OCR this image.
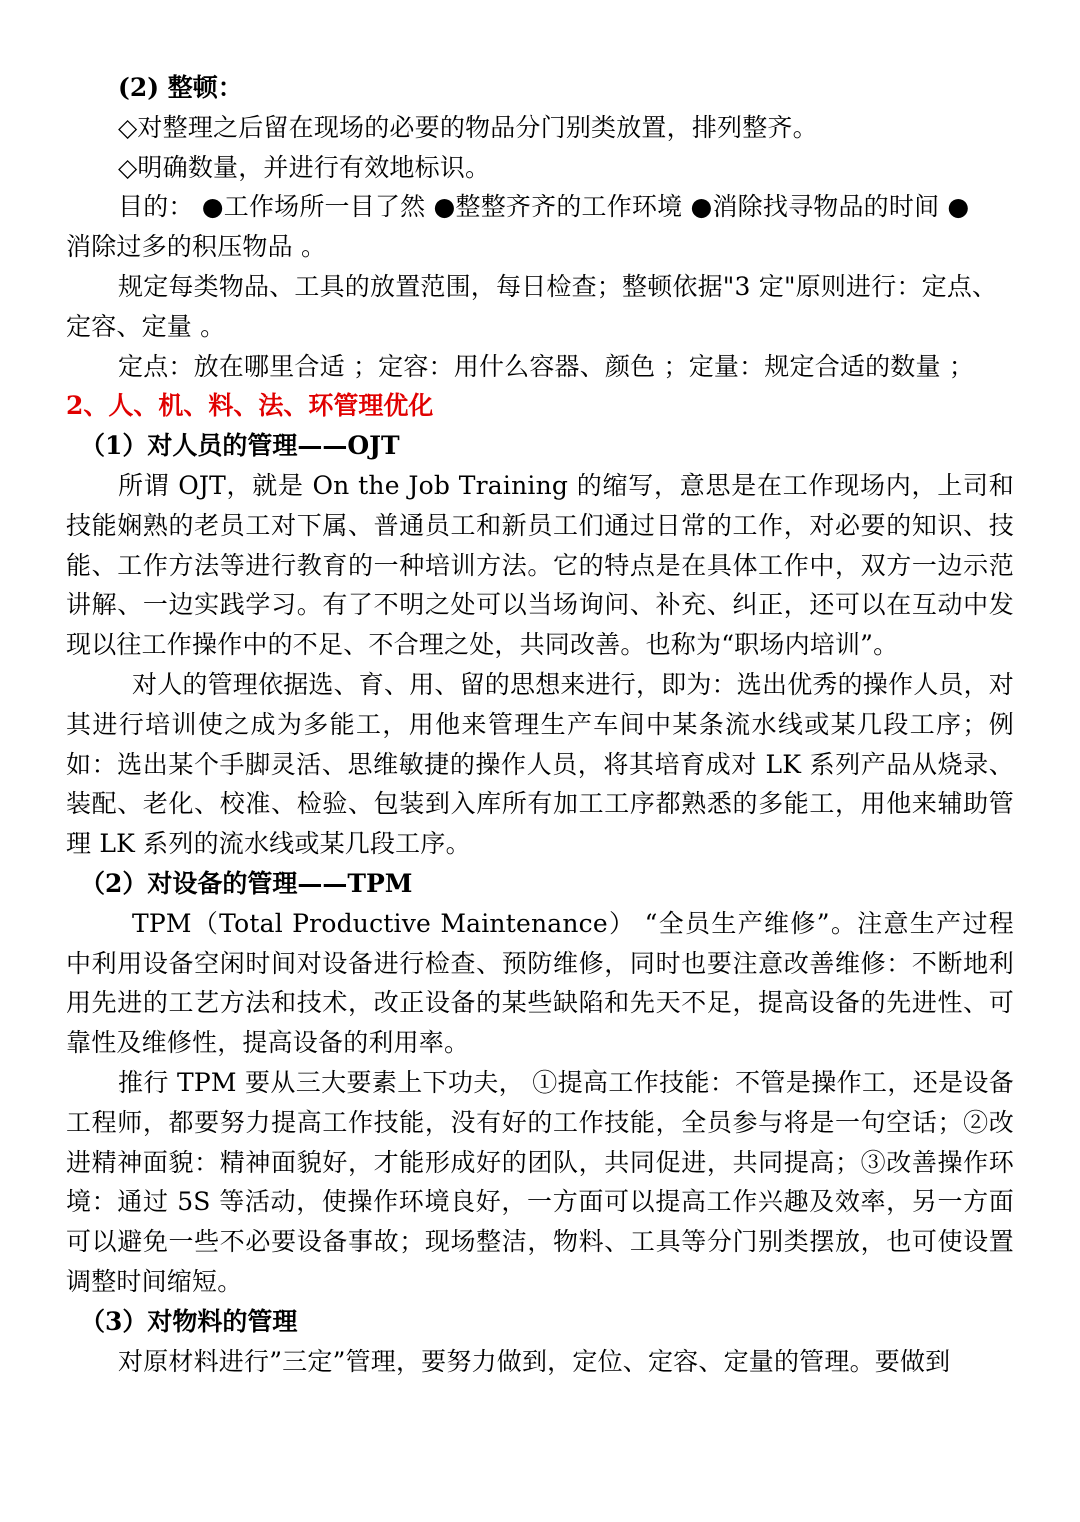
(2) 整顿：
◇对整理之后留在现场的必要的物品分门别类放置，排列整齐。
◇明确数量，并进行有效地标识。
目的： ●工作场所一目了然 ●整整齐齐的工作环境 ●消除找寻物品的时间 ●
消除过多的积压物品 。
规定每类物品、工具的放置范围，每日检查；整顿依据"3 定"原则进行：定点、
定容、定量 。
定点：放在哪里合适 ；定容：用什么容器、颜色 ；定量：规定合适的数量 ；
2、人、机、料、法、环管理优化
（1）对人员的管理——OJT
所谓 OJT，就是 On the Job Training 的缩写，意思是在工作现场内，上司和技能娴熟的老员工对下属、普通员工和新员工们通过日常的工作，对必要的知识、技能、工作方法等进行教育的一种培训方法。它的特点是在具体工作中，双方一边示范讲解、一边实践学习。有了不明之处可以当场询问、补充、纠正，还可以在互动中发现以往工作操作中的不足、不合理之处，共同改善。也称为“职场内培训”。
对人的管理依据选、育、用、留的思想来进行，即为：选出优秀的操作人员，对其进行培训使之成为多能工，用他来管理生产车间中某条流水线或某几段工序；例如：选出某个手脚灵活、思维敏捷的操作人员，将其培育成对 LK 系列产品从烧录、装配、老化、校准、检验、包装到入库所有加工工序都熟悉的多能工，用他来辅助管理 LK 系列的流水线或某几段工序。
（2）对设备的管理——TPM
TPM（Total Productive Maintenance） “全员生产维修”。注意生产过程中利用设备空闲时间对设备进行检查、预防维修，同时也要注意改善维修：不断地利用先进的工艺方法和技术，改正设备的某些缺陷和先天不足，提高设备的先进性、可靠性及维修性，提高设备的利用率。
推行 TPM 要从三大要素上下功夫， ①提高工作技能：不管是操作工，还是设备工程师，都要努力提高工作技能，没有好的工作技能，全员参与将是一句空话；②改进精神面貌：精神面貌好，才能形成好的团队，共同促进，共同提高；③改善操作环境：通过 5S 等活动，使操作环境良好，一方面可以提高工作兴趣及效率，另一方面可以避免一些不必要设备事故；现场整洁，物料、工具等分门别类摆放，也可使设置调整时间缩短。
（3）对物料的管理
对原材料进行”三定”管理，要努力做到，定位、定容、定量的管理。要做到
